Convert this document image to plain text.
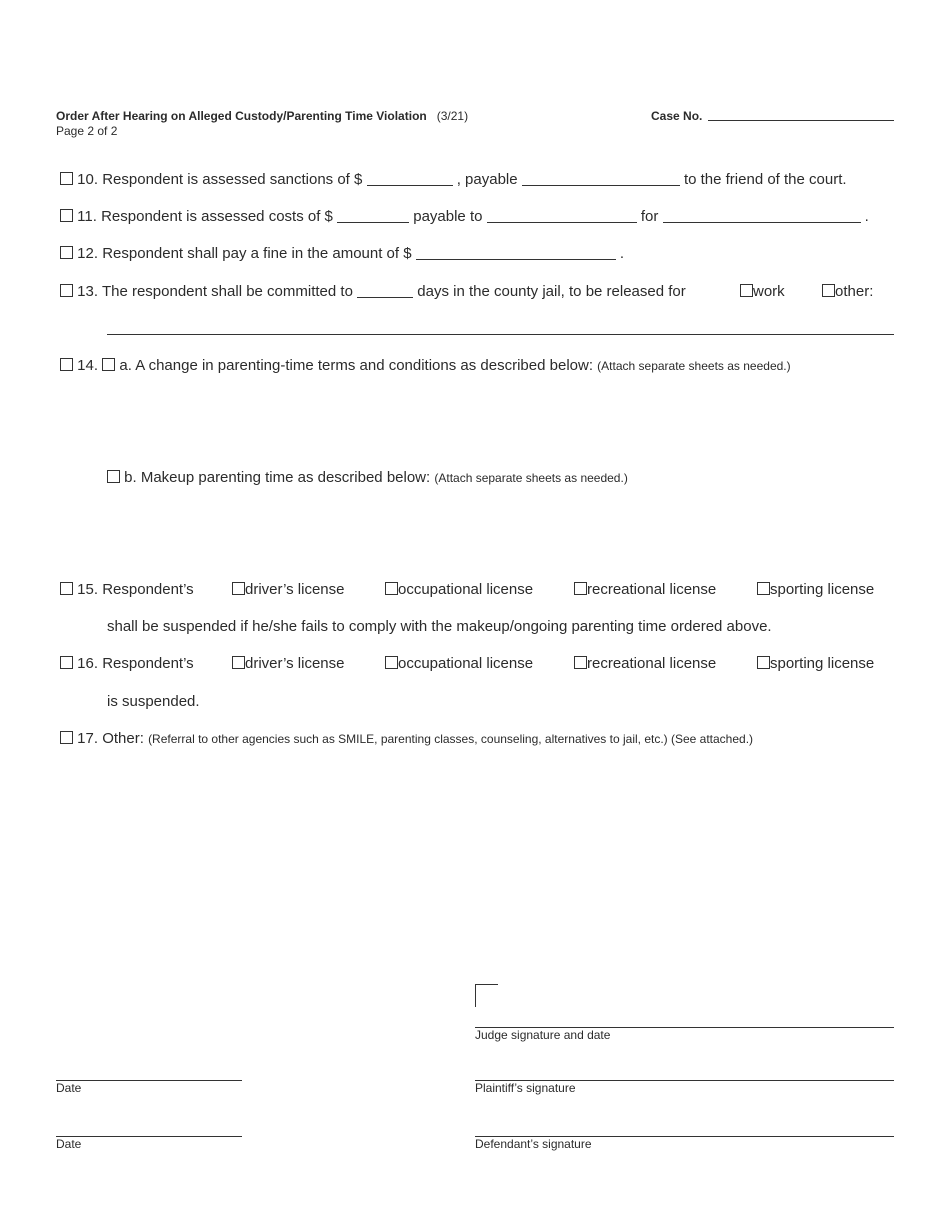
Order After Hearing on Alleged Custody/Parenting Time Violation (3/21)
Page 2 of 2
Case No.
10. Respondent is assessed sanctions of $	, payable	to the friend of the court.
11. Respondent is assessed costs of $	payable to	for	.
12. Respondent shall pay a fine in the amount of $	.
13. The respondent shall be committed to	days in the county jail, to be released for	work	other:
14. a. A change in parenting-time terms and conditions as described below: (Attach separate sheets as needed.)
b. Makeup parenting time as described below: (Attach separate sheets as needed.)
15. Respondent’s	driver’s license	occupational license	recreational license	sporting license
shall be suspended if he/she fails to comply with the makeup/ongoing parenting time ordered above.
16. Respondent’s	driver’s license	occupational license	recreational license	sporting license
is suspended.
17. Other: (Referral to other agencies such as SMILE, parenting classes, counseling, alternatives to jail, etc.) (See attached.)
Judge signature and date
Date	Plaintiff’s signature
Date	Defendant’s signature
